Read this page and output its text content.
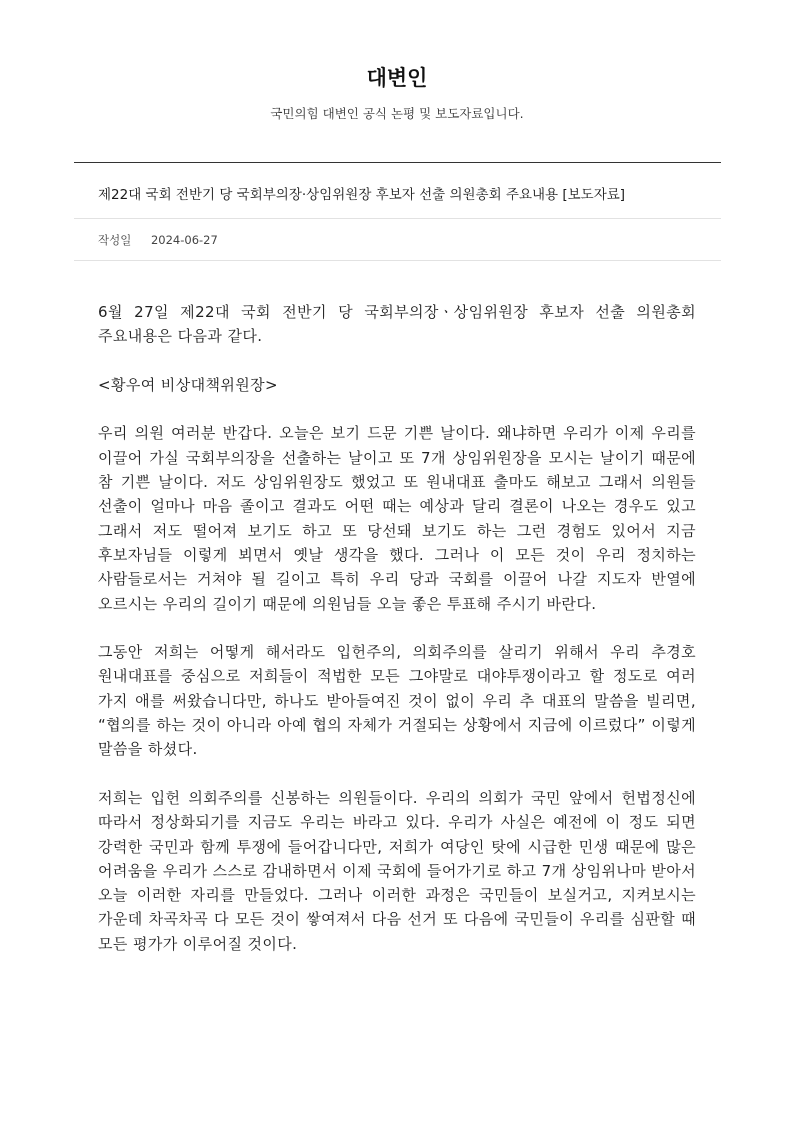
대변인
국민의힘 대변인 공식 논평 및 보도자료입니다.
제22대 국회 전반기 당 국회부의장·상임위원장 후보자 선출 의원총회 주요내용 [보도자료]
작성일 2024-06-27

6월 27일 제22대 국회 전반기 당 국회부의장ㆍ상임위원장 후보자 선출 의원총회 주요내용은 다음과 같다.

<황우여 비상대책위원장>

우리 의원 여러분 반갑다. 오늘은 보기 드문 기쁜 날이다. 왜냐하면 우리가 이제 우리를 이끌어 가실 국회부의장을 선출하는 날이고 또 7개 상임위원장을 모시는 날이기 때문에 참 기쁜 날이다. 저도 상임위원장도 했었고 또 원내대표 출마도 해보고 그래서 의원들 선출이 얼마나 마음 졸이고 결과도 어떤 때는 예상과 달리 결론이 나오는 경우도 있고 그래서 저도 떨어져 보기도 하고 또 당선돼 보기도 하는 그런 경험도 있어서 지금 후보자님들 이렇게 뵈면서 옛날 생각을 했다. 그러나 이 모든 것이 우리 정치하는 사람들로서는 거쳐야 될 길이고 특히 우리 당과 국회를 이끌어 나갈 지도자 반열에 오르시는 우리의 길이기 때문에 의원님들 오늘 좋은 투표해 주시기 바란다.

그동안 저희는 어떻게 해서라도 입헌주의, 의회주의를 살리기 위해서 우리 추경호 원내대표를 중심으로 저희들이 적법한 모든 그야말로 대야투쟁이라고 할 정도로 여러 가지 애를 써왔습니다만, 하나도 받아들여진 것이 없이 우리 추 대표의 말씀을 빌리면, “협의를 하는 것이 아니라 아예 협의 자체가 거절되는 상황에서 지금에 이르렀다” 이렇게 말씀을 하셨다.

저희는 입헌 의회주의를 신봉하는 의원들이다. 우리의 의회가 국민 앞에서 헌법정신에 따라서 정상화되기를 지금도 우리는 바라고 있다. 우리가 사실은 예전에 이 정도 되면 강력한 국민과 함께 투쟁에 들어갑니다만, 저희가 여당인 탓에 시급한 민생 때문에 많은 어려움을 우리가 스스로 감내하면서 이제 국회에 들어가기로 하고 7개 상임위나마 받아서 오늘 이러한 자리를 만들었다. 그러나 이러한 과정은 국민들이 보실거고, 지켜보시는 가운데 차곡차곡 다 모든 것이 쌓여져서 다음 선거 또 다음에 국민들이 우리를 심판할 때 모든 평가가 이루어질 것이다.
